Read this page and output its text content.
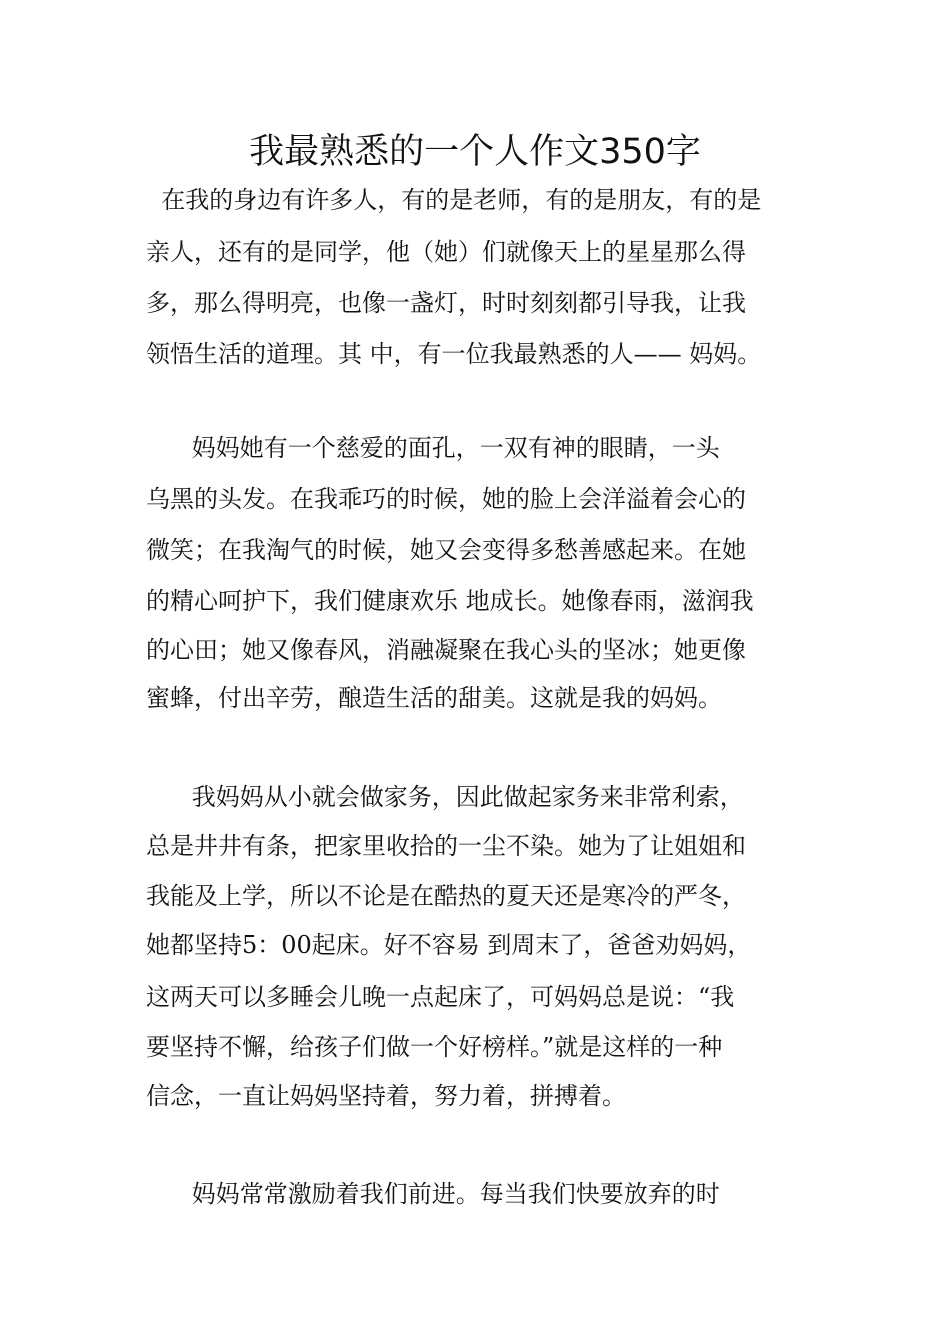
我最熟悉的一个人作文350字

在我的身边有许多人，有的是老师，有的是朋友，有的是

亲人，还有的是同学，他（她）们就像天上的星星那么得

多，那么得明亮，也像一盏灯，时时刻刻都引导我，让我

领悟生活的道理。其 中，有一位我最熟悉的人—— 妈妈。

妈妈她有一个慈爱的面孔，一双有神的眼睛，一头

乌黑的头发。在我乖巧的时候，她的脸上会洋溢着会心的

微笑；在我淘气的时候，她又会变得多愁善感起来。在她

的精心呵护下，我们健康欢乐 地成长。她像春雨，滋润我

的心田；她又像春风，消融凝聚在我心头的坚冰；她更像

蜜蜂，付出辛劳，酿造生活的甜美。这就是我的妈妈。

我妈妈从小就会做家务，因此做起家务来非常利索，

总是井井有条，把家里收拾的一尘不染。她为了让姐姐和

我能及上学，所以不论是在酷热的夏天还是寒冷的严冬，

她都坚持5：00起床。好不容易 到周末了，爸爸劝妈妈，

这两天可以多睡会儿晚一点起床了，可妈妈总是说：“我

要坚持不懈，给孩子们做一个好榜样。”就是这样的一种

信念，一直让妈妈坚持着，努力着，拼搏着。

妈妈常常激励着我们前进。每当我们快要放弃的时
